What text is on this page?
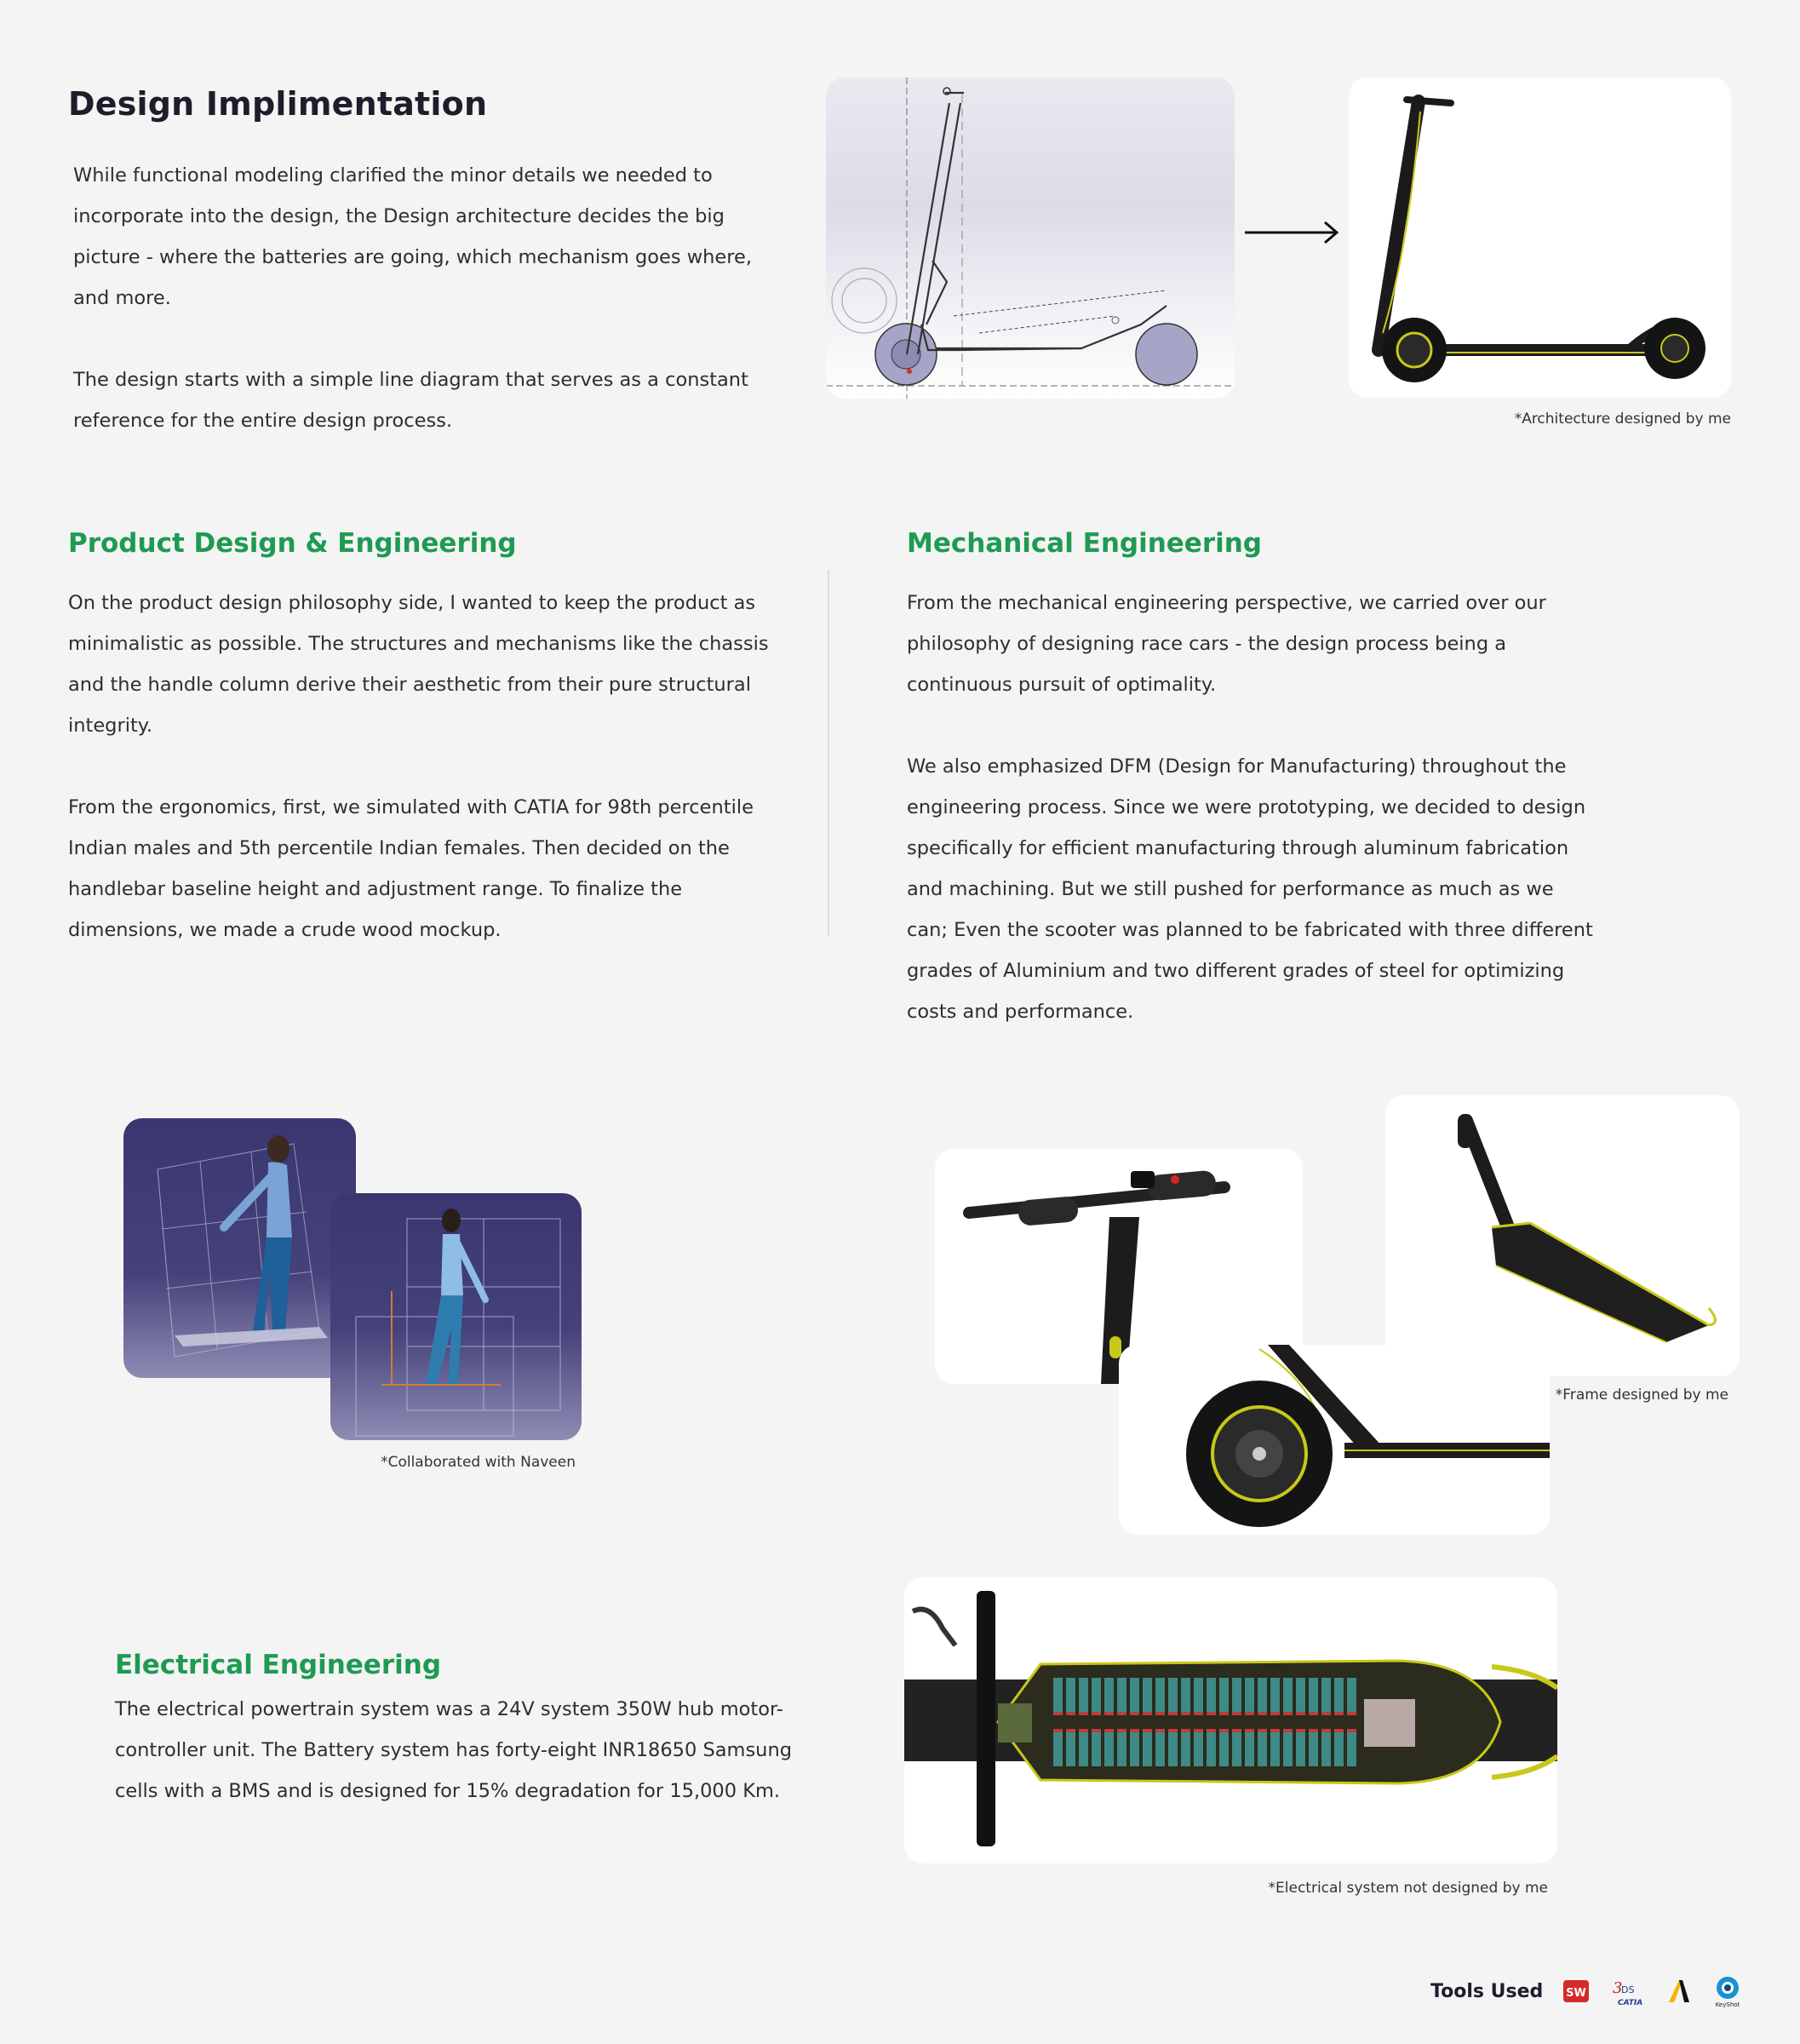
Design Implimentation

While functional modeling clarified the minor details we needed to incorporate into the design, the Design architecture decides the big picture - where the batteries are going, which mechanism goes where, and more.

The design starts with a simple line diagram that serves as a constant reference for the entire design process.	*Architecture designed by me
Product Design & Engineering

On the product design philosophy side, I wanted to keep the product as minimalistic as possible. The structures and mechanisms like the chassis and the handle column derive their aesthetic from their pure structural integrity.

From the ergonomics, first, we simulated with CATIA for 98th percentile Indian males and 5th percentile Indian females. Then decided on the handlebar baseline height and adjustment range. To finalize the dimensions, we made a crude wood mockup.

Mechanical Engineering

From the mechanical engineering perspective, we carried over our philosophy of designing race cars - the design process being a continuous pursuit of optimality.

We also emphasized DFM (Design for Manufacturing) throughout the engineering process. Since we were prototyping, we decided to design specifically for efficient manufacturing through aluminum fabrication and machining. But we still pushed for performance as much as we can; Even the scooter was planned to be fabricated with three different grades of Aluminium and two different grades of steel for optimizing costs and performance.

*Collaborated with Naveen
*Frame designed by me
Electrical Engineering
The electrical powertrain system was a 24V system 350W hub motor-controller unit. The Battery system has forty-eight INR18650 Samsung cells with a BMS and is designed for 15% degradation for 15,000 Km.
*Electrical system not designed by me
Tools Used SW 3
DS
CATIA	KeyShot
